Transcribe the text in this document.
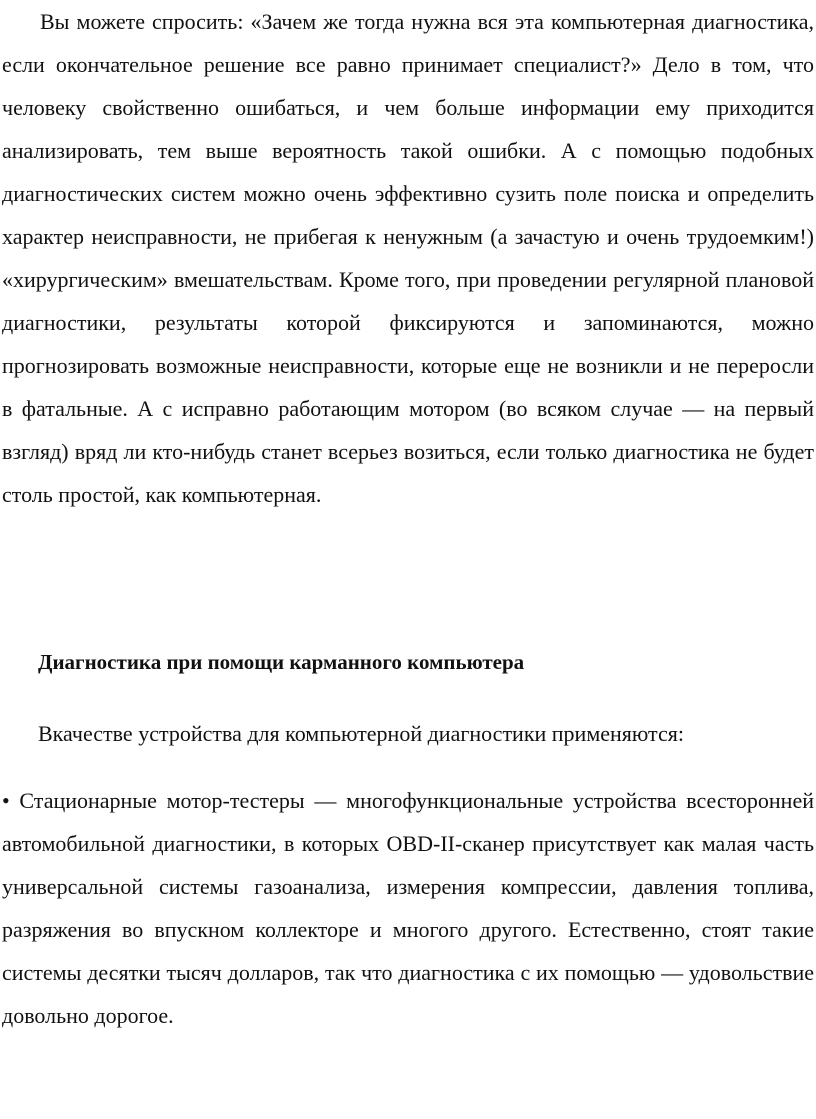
Вы можете спросить: «Зачем же тогда нужна вся эта компьютерная диагностика, если окончательное решение все равно принимает специалист?» Дело в том, что человеку свойственно ошибаться, и чем больше информации ему приходится анализировать, тем выше вероятность такой ошибки. А с помощью подобных диагностических систем можно очень эффективно сузить поле поиска и определить характер неисправности, не прибегая к ненужным (а зачастую и очень трудоемким!) «хирургическим» вмешательствам. Кроме того, при проведении регулярной плановой диагностики, результаты которой фиксируются и запоминаются, можно прогнозировать возможные неисправности, которые еще не возникли и не переросли в фатальные. А с исправно работающим мотором (во всяком случае — на первый взгляд) вряд ли кто-нибудь станет всерьез возиться, если только диагностика не будет столь простой, как компьютерная.

Диагностика при помощи карманного компьютера

Вкачестве устройства для компьютерной диагностики применяются:

• Стационарные мотор-тестеры — многофункциональные устройства всесторонней автомобильной диагностики, в которых OBD-II-сканер присутствует как малая часть универсальной системы газоанализа, измерения компрессии, давления топлива, разряжения во впускном коллекторе и многого другого. Естественно, стоят такие системы десятки тысяч долларов, так что диагностика с их помощью — удовольствие довольно дорогое.
